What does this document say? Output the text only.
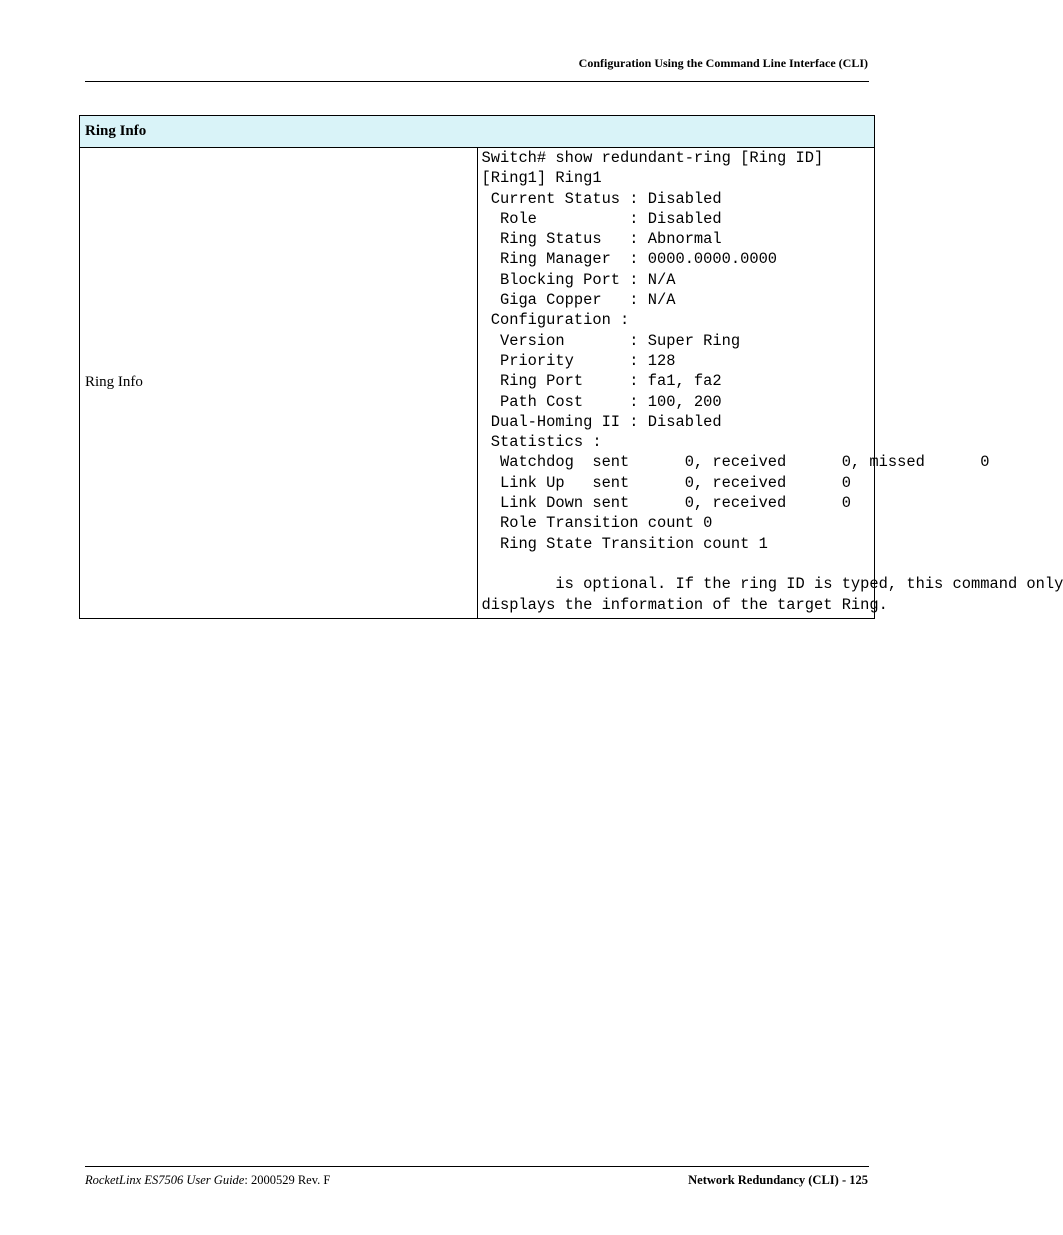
Configuration Using the Command Line Interface (CLI)
Ring Info
Ring Info	
Switch# show redundant-ring [Ring ID]
[Ring1] Ring1
Current Status : Disabled
Role          : Disabled
Ring Status   : Abnormal
Ring Manager  : 0000.0000.0000
Blocking Port : N/A
Giga Copper   : N/A
Configuration :
Version       : Super Ring
Priority      : 128
Ring Port     : fa1, fa2
Path Cost     : 100, 200
Dual-Homing II : Disabled
Statistics :
Watchdog  sent      0, received      0, missed      0
Link Up   sent      0, received      0
Link Down sent      0, received      0
Role Transition count 0
Ring State Transition count 1

is optional. If the ring ID is typed, this command only
displays the information of the target Ring.
RocketLinx ES7506 User Guide: 2000529 Rev. F	Network Redundancy (CLI) - 125
